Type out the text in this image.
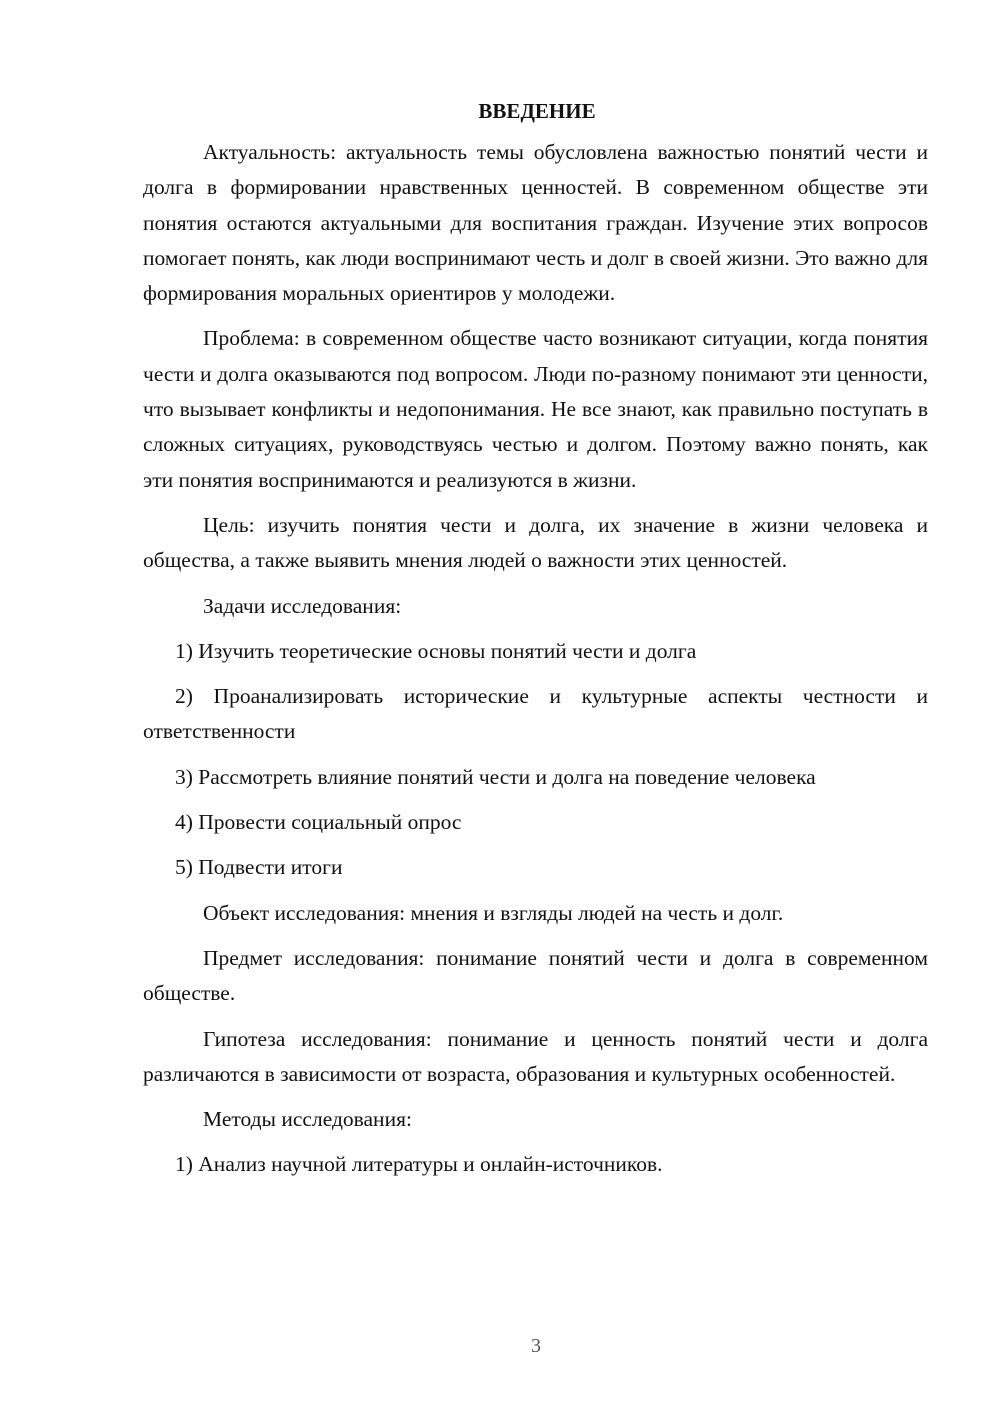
ВВЕДЕНИЕ

Актуальность: актуальность темы обусловлена важностью понятий чести и долга в формировании нравственных ценностей. В современном обществе эти понятия остаются актуальными для воспитания граждан. Изучение этих вопросов помогает понять, как люди воспринимают честь и долг в своей жизни. Это важно для формирования моральных ориентиров у молодежи.

Проблема: в современном обществе часто возникают ситуации, когда понятия чести и долга оказываются под вопросом. Люди по-разному понимают эти ценности, что вызывает конфликты и недопонимания. Не все знают, как правильно поступать в сложных ситуациях, руководствуясь честью и долгом. Поэтому важно понять, как эти понятия воспринимаются и реализуются в жизни.

Цель: изучить понятия чести и долга, их значение в жизни человека и общества, а также выявить мнения людей о важности этих ценностей.

Задачи исследования:

1) Изучить теоретические основы понятий чести и долга

2) Проанализировать исторические и культурные аспекты честности и ответственности

3) Рассмотреть влияние понятий чести и долга на поведение человека

4) Провести социальный опрос

5) Подвести итоги

Объект исследования: мнения и взгляды людей на честь и долг.

Предмет исследования: понимание понятий чести и долга в современном обществе.

Гипотеза исследования: понимание и ценность понятий чести и долга различаются в зависимости от возраста, образования и культурных особенностей.

Методы исследования:

1) Анализ научной литературы и онлайн-источников.

3
